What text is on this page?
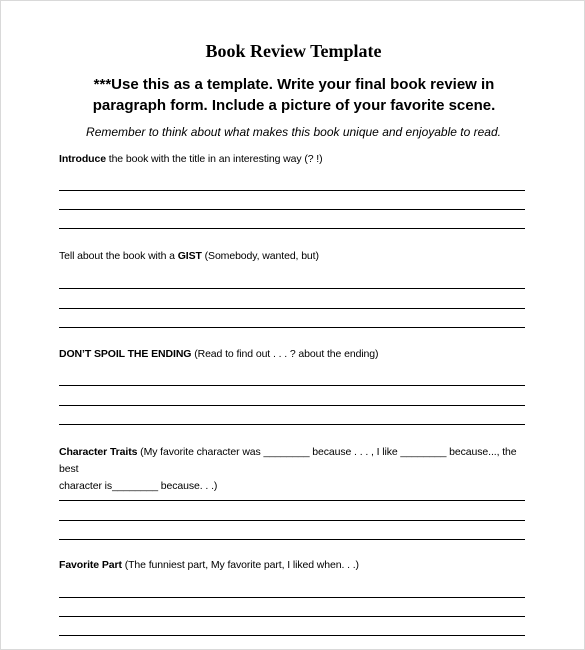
Book Review Template
***Use this as a template. Write your final book review in paragraph form. Include a picture of your favorite scene.
Remember to think about what makes this book unique and enjoyable to read.
Introduce the book with the title in an interesting way (? !)
Tell about the book with a GIST (Somebody, wanted, but)
DON’T SPOIL THE ENDING (Read to find out . . . ? about the ending)
Character Traits (My favorite character was ________ because . . . , I like ________ because..., the best
character is________ because. . .)
Favorite Part (The funniest part, My favorite part, I liked when. . .)
